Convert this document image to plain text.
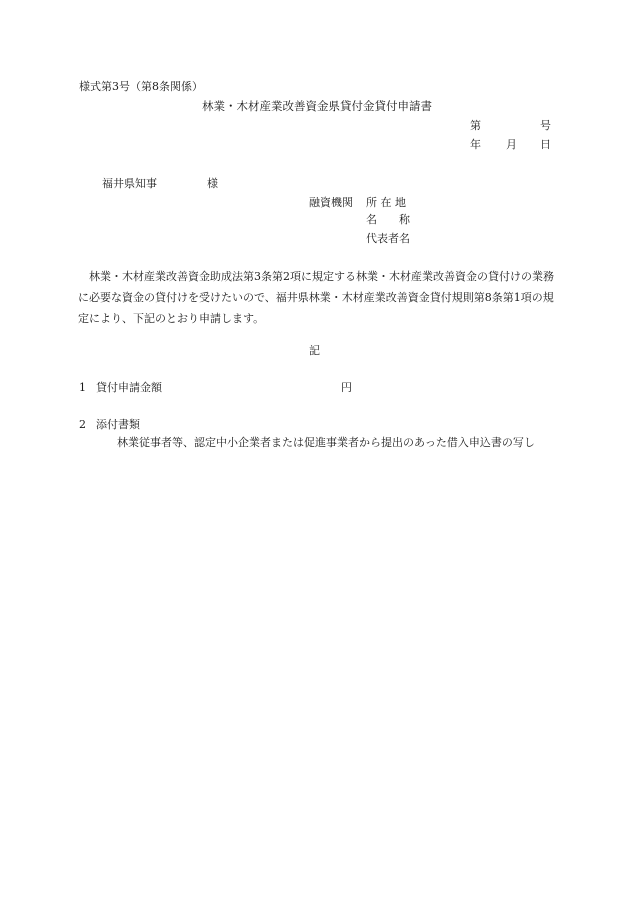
様式第3号（第8条関係）
林業・木材産業改善資金県貸付金貸付申請書
第	号
年 月 日
福井県知事	様
融資機関 所 在 地
名　　称
代表者名
林業・木材産業改善資金助成法第3条第2項に規定する林業・木材産業改善資金の貸付けの業務に必要な資金の貸付けを受けたいので、福井県林業・木材産業改善資金貸付規則第8条第1項の規定により、下記のとおり申請します。
記
1 貸付申請金額	円
2 添付書類
林業従事者等、認定中小企業者または促進事業者から提出のあった借入申込書の写し
